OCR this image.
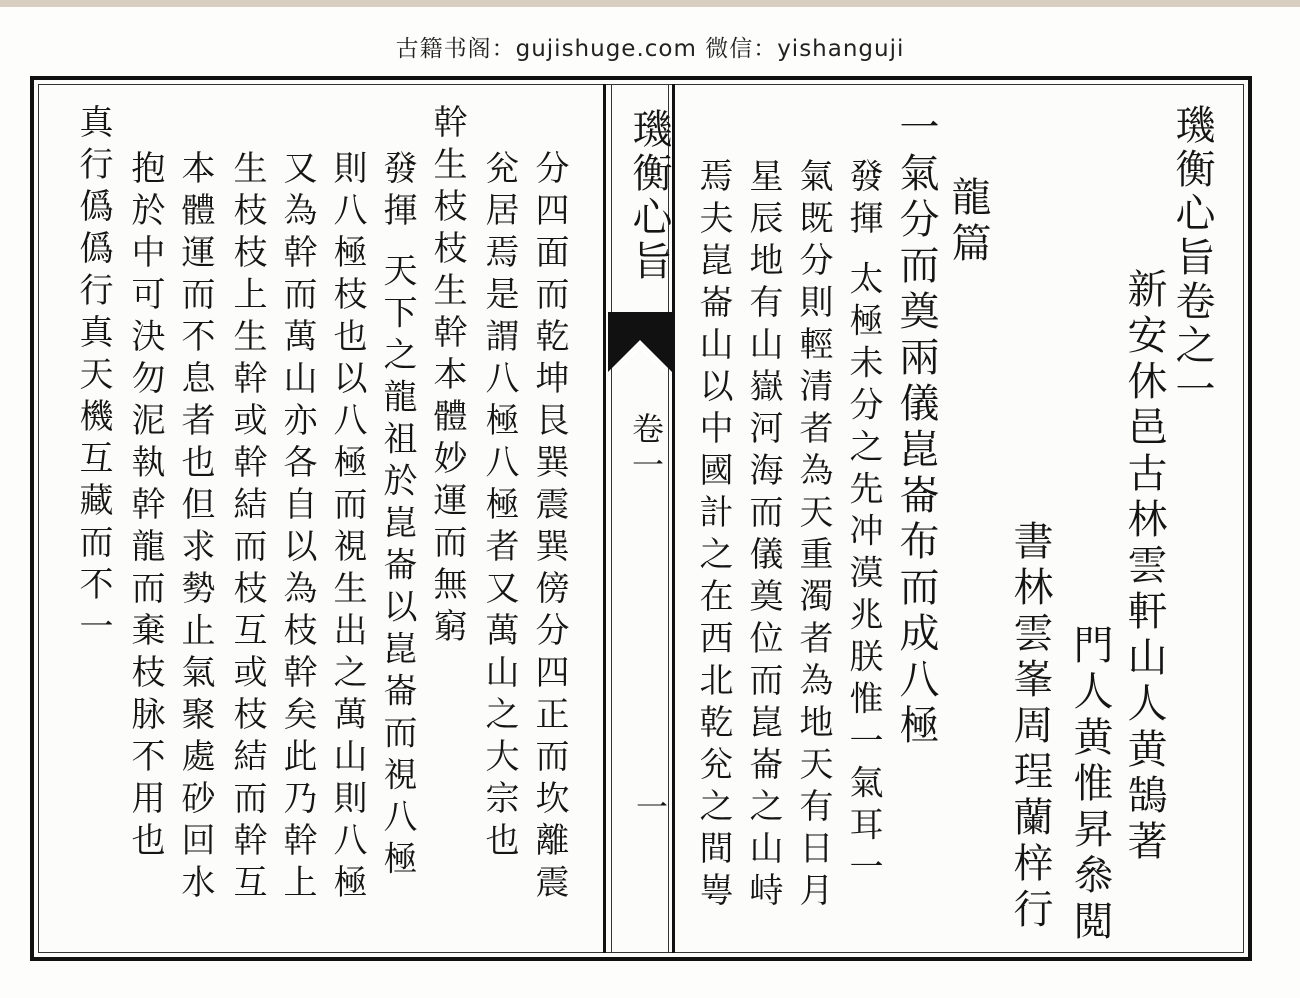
古籍书阁：gujishuge.com 微信：yishanguji
璣衡心旨
卷一
一
璣衡心旨卷之一
新安休邑古林雲軒山人黄鵠著
門人黄惟昇叅閲
書林雲峯周珵蘭梓行
龍篇
一氣分而奠兩儀崑崙布而成八極
發揮 太極未分之先冲漠兆朕惟一氣耳一
氣既分則輕清者為天重濁者為地天有日月
星辰地有山嶽河海而儀奠位而崑崙之山峙
焉夫崑崙山以中國計之在西北乾兊之間㟧
分四面而乾坤艮巽震巽傍分四正而坎離震
兊居焉是謂八極八極者又萬山之大宗也
幹生枝枝生幹本體妙運而無窮
發揮 天下之龍祖於崑崙以崑崙而視八極
則八極枝也以八極而視生出之萬山則八極
又為幹而萬山亦各自以為枝幹矣此乃幹上
生枝枝上生幹或幹結而枝互或枝結而幹互
本體運而不息者也但求勢止氣聚處砂回水
抱於中可決勿泥執幹龍而棄枝脉不用也
真行僞僞行真天機互藏而不一
